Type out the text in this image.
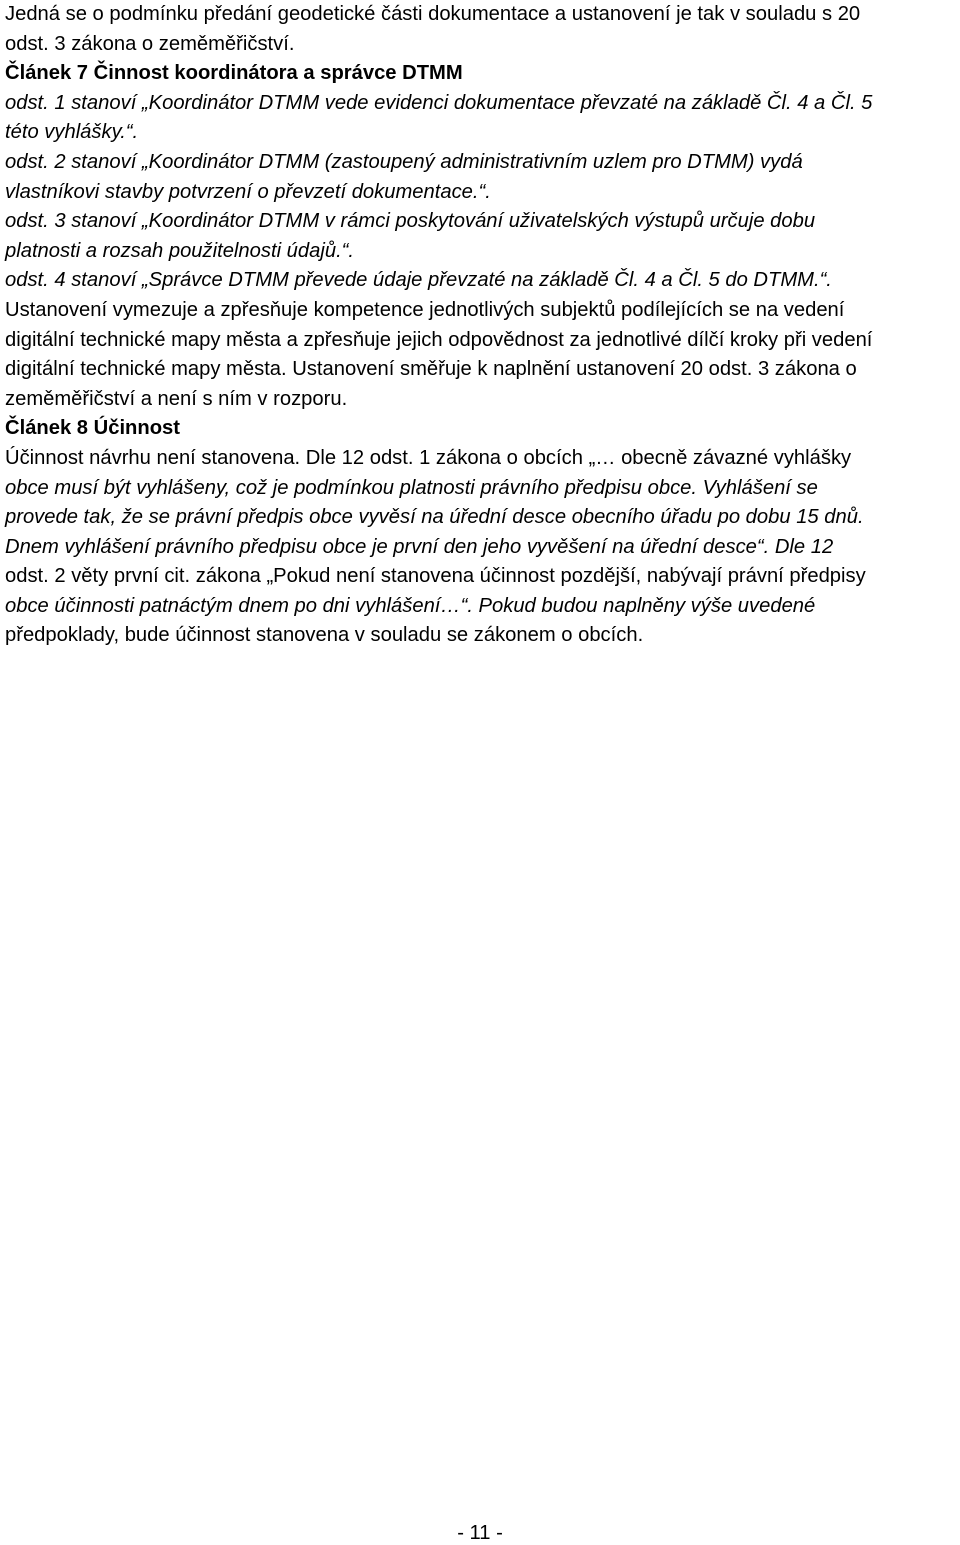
Jedná se o podmínku předání geodetické části dokumentace a ustanovení je tak v souladu s 20
odst. 3 zákona o zeměměřičství.
Článek 7 Činnost koordinátora a správce DTMM
odst. 1 stanoví „Koordinátor DTMM vede evidenci dokumentace převzaté na základě Čl. 4 a Čl. 5
této vyhlášky.“.
odst. 2 stanoví „Koordinátor DTMM (zastoupený administrativním uzlem pro DTMM) vydá
vlastníkovi stavby potvrzení o převzetí dokumentace.“.
odst. 3 stanoví „Koordinátor DTMM v rámci poskytování uživatelských výstupů určuje dobu
platnosti a rozsah použitelnosti údajů.“.
odst. 4 stanoví „Správce DTMM převede údaje převzaté na základě Čl. 4 a Čl. 5 do DTMM.“.
Ustanovení vymezuje a zpřesňuje kompetence jednotlivých subjektů podílejících se na vedení
digitální technické mapy města a zpřesňuje jejich odpovědnost za jednotlivé dílčí kroky při vedení
digitální technické mapy města. Ustanovení směřuje k naplnění ustanovení 20 odst. 3 zákona o
zeměměřičství a není s ním v rozporu.
Článek 8 Účinnost
Účinnost návrhu není stanovena. Dle 12 odst. 1 zákona o obcích „… obecně závazné vyhlášky
obce musí být vyhlášeny, což je podmínkou platnosti právního předpisu obce. Vyhlášení se
provede tak, že se právní předpis obce vyvěsí na úřední desce obecního úřadu po dobu 15 dnů.
Dnem vyhlášení právního předpisu obce je první den jeho vyvěšení na úřední desce“. Dle 12
odst. 2 věty první cit. zákona „Pokud není stanovena účinnost pozdější, nabývají právní předpisy
obce účinnosti patnáctým dnem po dni vyhlášení…“. Pokud budou naplněny výše uvedené
předpoklady, bude účinnost stanovena v souladu se zákonem o obcích.
- 11 -
